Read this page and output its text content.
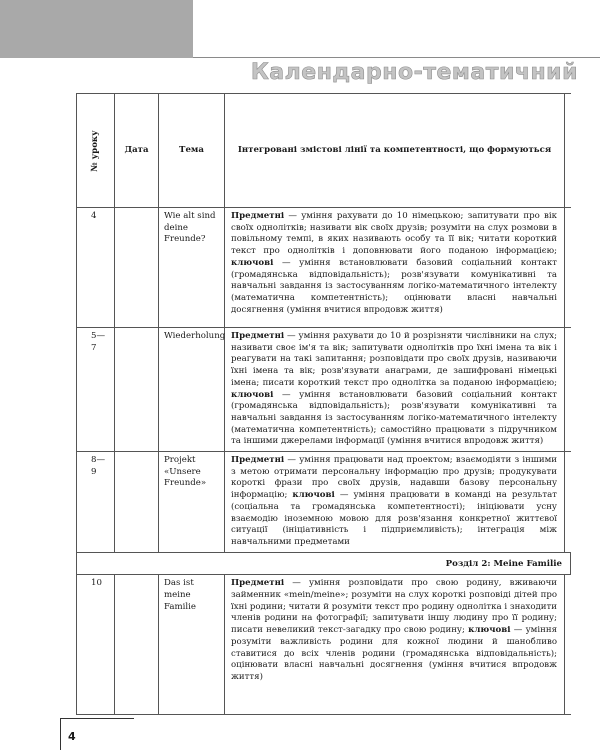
Календарно-тематичний
№ уроку	Дата	Тема	Інтегровані змістові лінії та компетентності, що формуються	
4		Wie alt sind deine Freunde?	Предметні — уміння рахувати до 10 німецькою; запитувати про вік своїх однолітків; називати вік своїх друзів; розуміти на слух розмови в повільному темпі, в яких називають особу та її вік; читати короткий текст про однолітків і доповнювати його поданою інформацією; ключові — уміння встановлювати базовий соціальний контакт (громадянська відповідальність); розв'язувати комунікативні та навчальні завдання із застосуванням логіко-математичного інтелекту (математична компетентність); оцінювати власні навчальні досягнення (уміння вчитися впродовж життя)	
5—7		Wiederholung	Предметні — уміння рахувати до 10 й розрізняти числівники на слух; називати своє ім'я та вік; запитувати однолітків про їхні імена та вік і реагувати на такі запитання; розповідати про своїх друзів, називаючи їхні імена та вік; розв'язувати анаграми, де зашифровані німецькі імена; писати короткий текст про однолітка за поданою інформацією; ключові — уміння встановлювати базовий соціальний контакт (громадянська відповідальність); розв'язувати комунікативні та навчальні завдання із застосуванням логіко-математичного інтелекту (математична компетентність); самостійно працювати з підручником та іншими джерелами інформації (уміння вчитися впродовж життя)	
8—9		Projekt «Unsere Freunde»	Предметні — уміння працювати над проектом; взаємодіяти з іншими з метою отримати персональну інформацію про друзів; продукувати короткі фрази про своїх друзів, надавши базову персональну інформацію; ключові — уміння працювати в команді на результат (соціальна та громадянська компетентності); ініціювати усну взаємодію іноземною мовою для розв'язання конкретної життєвої ситуації (ініціативність і підприємливість); інтеграція між навчальними предметами	
Розділ 2: Meine Familie				
10		Das ist meine Familie	Предметні — уміння розповідати про свою родину, вживаючи займенник «mein/meine»; розуміти на слух короткі розповіді дітей про їхні родини; читати й розуміти текст про родину однолітка і знаходити членів родини на фотографії; запитувати іншу людину про її родину; писати невеликий текст-загадку про свою родину; ключові — уміння розуміти важливість родини для кожної людини й шанобливо ставитися до всіх членів родини (громадянська відповідальність); оцінювати власні навчальні досягнення (уміння вчитися впродовж життя)	
4
